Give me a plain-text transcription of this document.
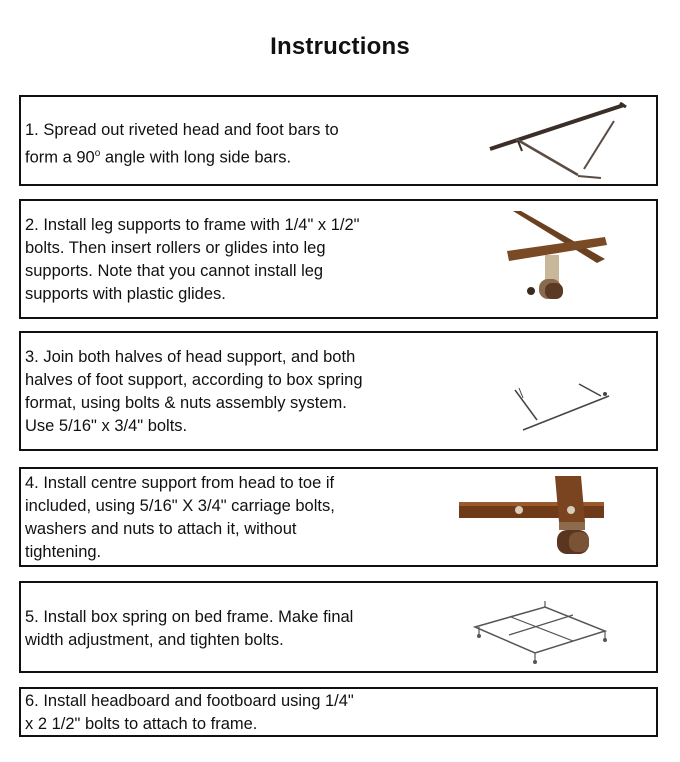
Instructions
1. Spread out riveted head and foot bars to
form a 90$^o$ angle with long side bars.
2. Install leg supports to frame with 1/4" x 1/2"
bolts. Then insert rollers or glides into leg
supports. Note that you cannot install leg
supports with plastic glides.
3. Join both halves of head support, and both
halves of foot support, according to box spring
format, using bolts & nuts assembly system.
Use 5/16" x 3/4" bolts.
4. Install centre support from head to toe if
included, using 5/16" X 3/4" carriage bolts,
washers and nuts to attach it, without
tightening.
5. Install box spring on bed frame. Make final
width adjustment, and tighten bolts.
6. Install headboard and footboard using 1/4"
x 2 1/2" bolts to attach to frame.
